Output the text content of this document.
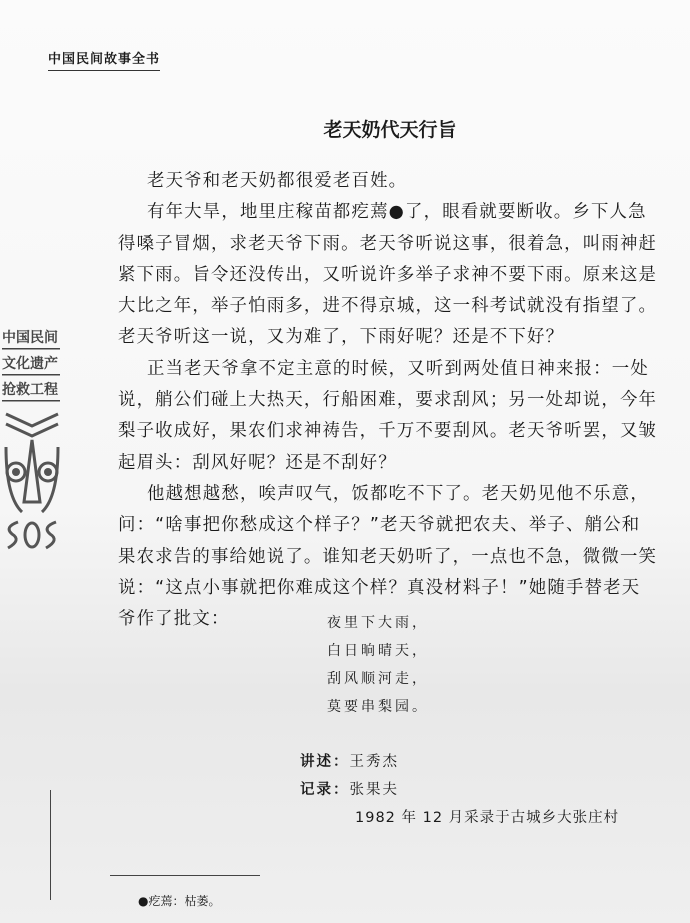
中国民间故事全书
老天奶代天行旨
老天爷和老天奶都很爱老百姓。
有年大旱，地里庄稼苗都疙蔫●了，眼看就要断收。乡下人急
得嗓子冒烟，求老天爷下雨。老天爷听说这事，很着急，叫雨神赶
紧下雨。旨令还没传出，又听说许多举子求神不要下雨。原来这是
大比之年，举子怕雨多，进不得京城，这一科考试就没有指望了。
老天爷听这一说，又为难了，下雨好呢？还是不下好？
正当老天爷拿不定主意的时候，又听到两处值日神来报：一处
说，艄公们碰上大热天，行船困难，要求刮风；另一处却说，今年
梨子收成好，果农们求神祷告，千万不要刮风。老天爷听罢，又皱
起眉头：刮风好呢？还是不刮好？
他越想越愁，唉声叹气，饭都吃不下了。老天奶见他不乐意，
问：“啥事把你愁成这个样子？”老天爷就把农夫、举子、艄公和
果农求告的事给她说了。谁知老天奶听了，一点也不急，微微一笑
说：“这点小事就把你难成这个样？真没材料子！”她随手替老天
爷作了批文：	夜里下大雨，
白日晌晴天，
刮风顺河走，
莫要串梨园。
讲述：王秀杰
记录：张果夫
1982 年 12 月采录于古城乡大张庄村
中国民间
文化遗产
抢救工程
●疙蔫：枯萎。
